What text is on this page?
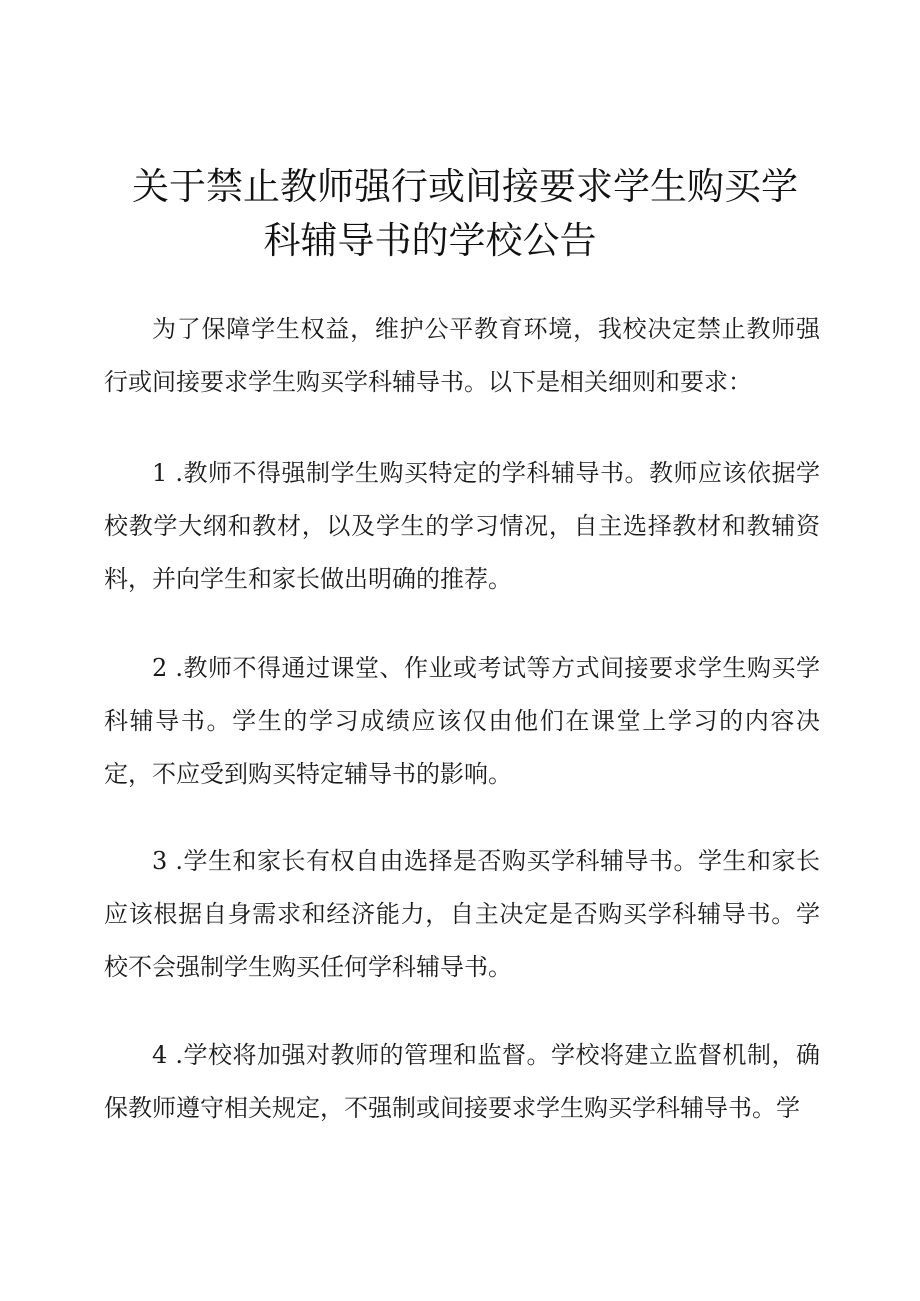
关于禁止教师强行或间接要求学生购买学
科辅导书的学校公告

为了保障学生权益，维护公平教育环境，我校决定禁止教师强行或间接要求学生购买学科辅导书。以下是相关细则和要求：

1 .教师不得强制学生购买特定的学科辅导书。教师应该依据学校教学大纲和教材，以及学生的学习情况，自主选择教材和教辅资料，并向学生和家长做出明确的推荐。

2 .教师不得通过课堂、作业或考试等方式间接要求学生购买学科辅导书。学生的学习成绩应该仅由他们在课堂上学习的内容决定，不应受到购买特定辅导书的影响。

3 .学生和家长有权自由选择是否购买学科辅导书。学生和家长应该根据自身需求和经济能力，自主决定是否购买学科辅导书。学校不会强制学生购买任何学科辅导书。

4 .学校将加强对教师的管理和监督。学校将建立监督机制，确保教师遵守相关规定，不强制或间接要求学生购买学科辅导书。学
